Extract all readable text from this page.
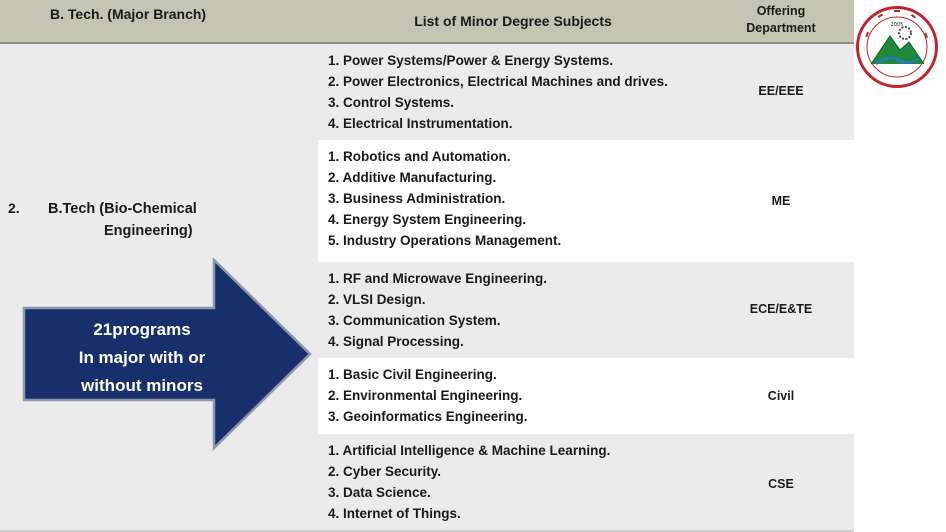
B. Tech. (Major Branch)	List of Minor Degree Subjects
Offering
Department
2. B.Tech (Bio-Chemical
Engineering)
21programs
In major with or
without minors
1. Power Systems/Power & Energy Systems.
2. Power Electronics, Electrical Machines and drives.
3. Control Systems.
4. Electrical Instrumentation.
EE/EEE
1. Robotics and Automation.
2. Additive Manufacturing.
3. Business Administration.
4. Energy System Engineering.
5. Industry Operations Management.
ME
1. RF and Microwave Engineering.
2. VLSI Design.
3. Communication System.
4. Signal Processing.
ECE/E&TE
1. Basic Civil Engineering.
2. Environmental Engineering.
3. Geoinformatics Engineering.
Civil
1. Artificial Intelligence & Machine Learning.
2. Cyber Security.
3. Data Science.
4. Internet of Things.
CSE
2005
